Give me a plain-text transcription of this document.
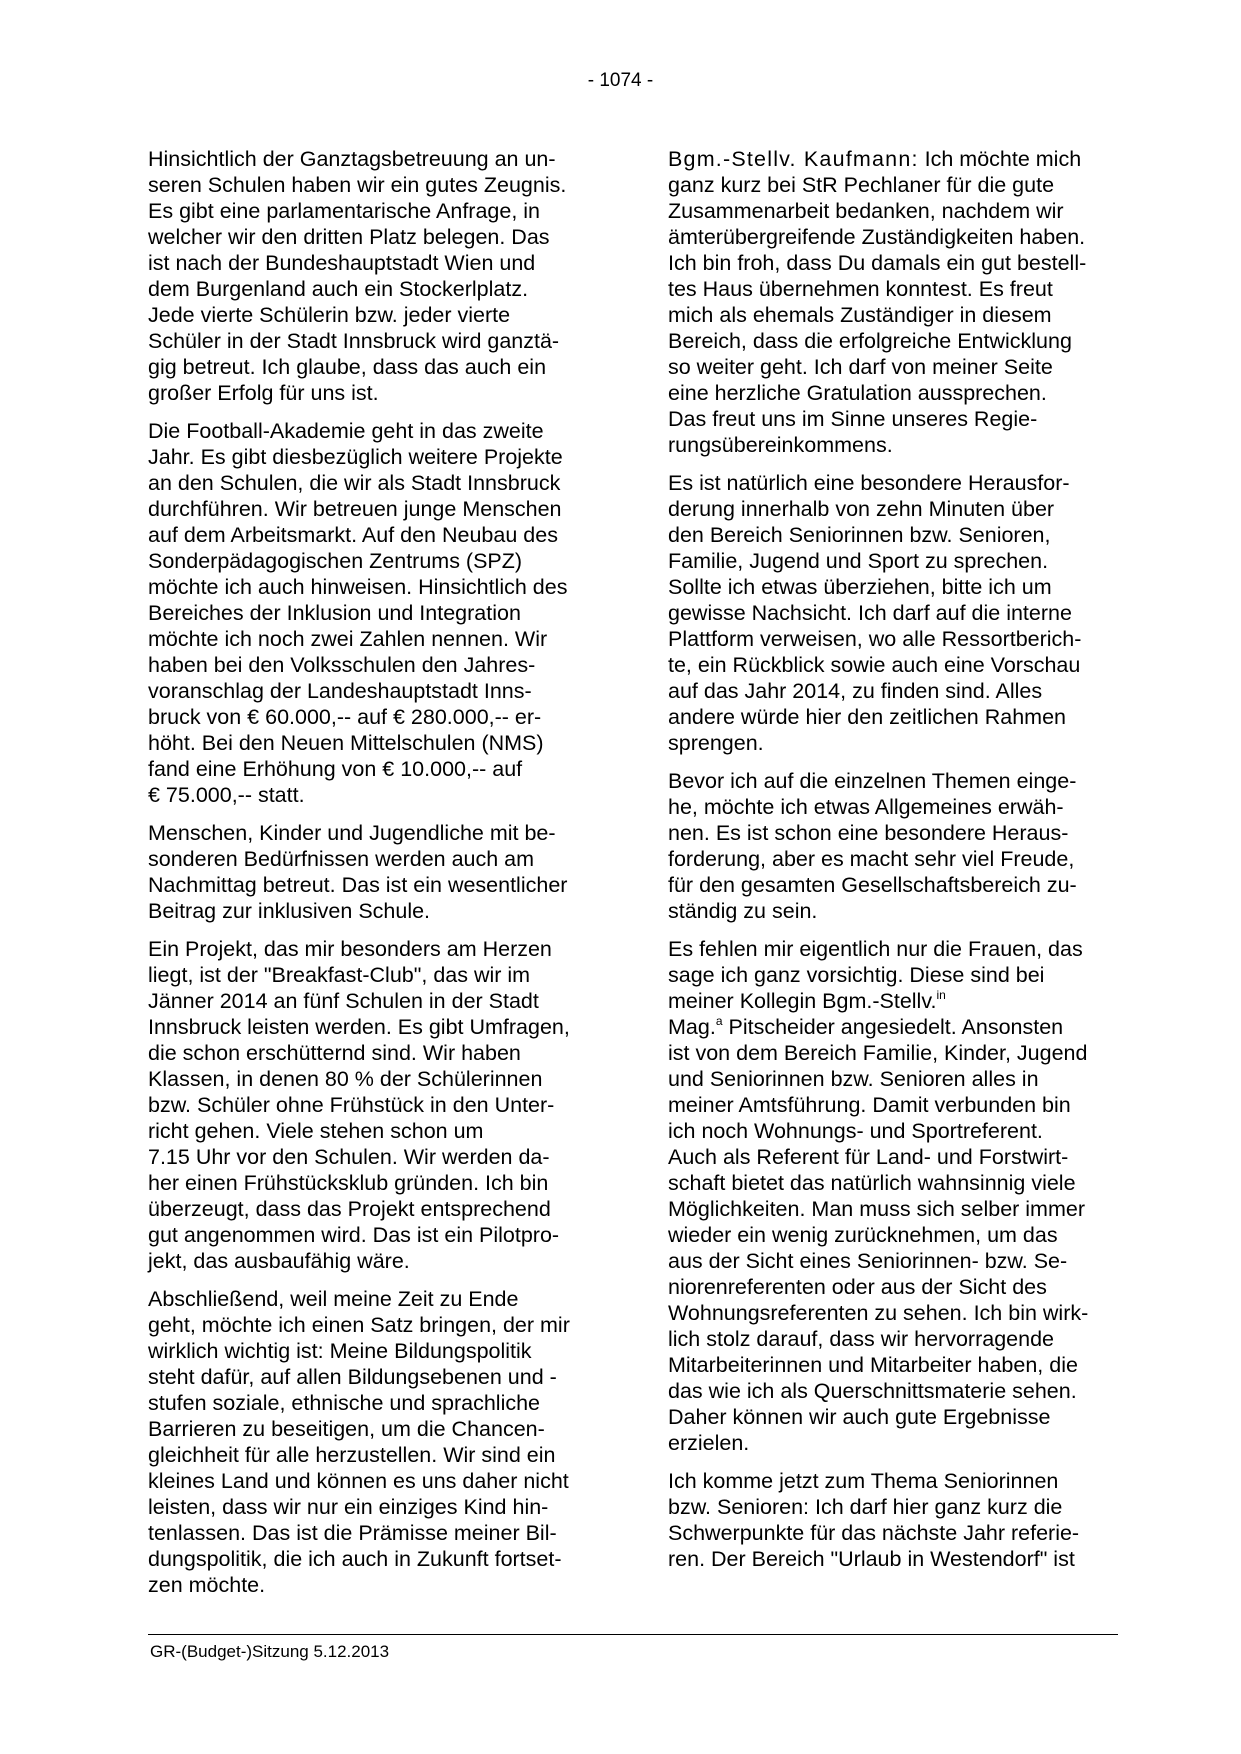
- 1074 -

Hinsichtlich der Ganztagsbetreuung an un-
seren Schulen haben wir ein gutes Zeugnis.
Es gibt eine parlamentarische Anfrage, in
welcher wir den dritten Platz belegen. Das
ist nach der Bundeshauptstadt Wien und
dem Burgenland auch ein Stockerlplatz.
Jede vierte Schülerin bzw. jeder vierte
Schüler in der Stadt Innsbruck wird ganztä-
gig betreut. Ich glaube, dass das auch ein
großer Erfolg für uns ist.

Die Football-Akademie geht in das zweite
Jahr. Es gibt diesbezüglich weitere Projekte
an den Schulen, die wir als Stadt Innsbruck
durchführen. Wir betreuen junge Menschen
auf dem Arbeitsmarkt. Auf den Neubau des
Sonderpädagogischen Zentrums (SPZ)
möchte ich auch hinweisen. Hinsichtlich des
Bereiches der Inklusion und Integration
möchte ich noch zwei Zahlen nennen. Wir
haben bei den Volksschulen den Jahres-
voranschlag der Landeshauptstadt Inns-
bruck von € 60.000,-- auf € 280.000,-- er-
höht. Bei den Neuen Mittelschulen (NMS)
fand eine Erhöhung von € 10.000,-- auf
€ 75.000,-- statt.

Menschen, Kinder und Jugendliche mit be-
sonderen Bedürfnissen werden auch am
Nachmittag betreut. Das ist ein wesentlicher
Beitrag zur inklusiven Schule.

Ein Projekt, das mir besonders am Herzen
liegt, ist der "Breakfast-Club", das wir im
Jänner 2014 an fünf Schulen in der Stadt
Innsbruck leisten werden. Es gibt Umfragen,
die schon erschütternd sind. Wir haben
Klassen, in denen 80 % der Schülerinnen
bzw. Schüler ohne Frühstück in den Unter-
richt gehen. Viele stehen schon um
7.15 Uhr vor den Schulen. Wir werden da-
her einen Frühstücksklub gründen. Ich bin
überzeugt, dass das Projekt entsprechend
gut angenommen wird. Das ist ein Pilotpro-
jekt, das ausbaufähig wäre.

Abschließend, weil meine Zeit zu Ende
geht, möchte ich einen Satz bringen, der mir
wirklich wichtig ist: Meine Bildungspolitik
steht dafür, auf allen Bildungsebenen und -
stufen soziale, ethnische und sprachliche
Barrieren zu beseitigen, um die Chancen-
gleichheit für alle herzustellen. Wir sind ein
kleines Land und können es uns daher nicht
leisten, dass wir nur ein einziges Kind hin-
tenlassen. Das ist die Prämisse meiner Bil-
dungspolitik, die ich auch in Zukunft fortset-
zen möchte.

Bgm.-Stellv. Kaufmann: Ich möchte mich
ganz kurz bei StR Pechlaner für die gute
Zusammenarbeit bedanken, nachdem wir
ämterübergreifende Zuständigkeiten haben.
Ich bin froh, dass Du damals ein gut bestell-
tes Haus übernehmen konntest. Es freut
mich als ehemals Zuständiger in diesem
Bereich, dass die erfolgreiche Entwicklung
so weiter geht. Ich darf von meiner Seite
eine herzliche Gratulation aussprechen.
Das freut uns im Sinne unseres Regie-
rungsübereinkommens.

Es ist natürlich eine besondere Herausfor-
derung innerhalb von zehn Minuten über
den Bereich Seniorinnen bzw. Senioren,
Familie, Jugend und Sport zu sprechen.
Sollte ich etwas überziehen, bitte ich um
gewisse Nachsicht. Ich darf auf die interne
Plattform verweisen, wo alle Ressortberich-
te, ein Rückblick sowie auch eine Vorschau
auf das Jahr 2014, zu finden sind. Alles
andere würde hier den zeitlichen Rahmen
sprengen.

Bevor ich auf die einzelnen Themen einge-
he, möchte ich etwas Allgemeines erwäh-
nen. Es ist schon eine besondere Heraus-
forderung, aber es macht sehr viel Freude,
für den gesamten Gesellschaftsbereich zu-
ständig zu sein.

Es fehlen mir eigentlich nur die Frauen, das
sage ich ganz vorsichtig. Diese sind bei
meiner Kollegin Bgm.-Stellv.$^{in}$
Mag.$^a$ Pitscheider angesiedelt. Ansonsten
ist von dem Bereich Familie, Kinder, Jugend
und Seniorinnen bzw. Senioren alles in
meiner Amtsführung. Damit verbunden bin
ich noch Wohnungs- und Sportreferent.
Auch als Referent für Land- und Forstwirt-
schaft bietet das natürlich wahnsinnig viele
Möglichkeiten. Man muss sich selber immer
wieder ein wenig zurücknehmen, um das
aus der Sicht eines Seniorinnen- bzw. Se-
niorenreferenten oder aus der Sicht des
Wohnungsreferenten zu sehen. Ich bin wirk-
lich stolz darauf, dass wir hervorragende
Mitarbeiterinnen und Mitarbeiter haben, die
das wie ich als Querschnittsmaterie sehen.
Daher können wir auch gute Ergebnisse
erzielen.

Ich komme jetzt zum Thema Seniorinnen
bzw. Senioren: Ich darf hier ganz kurz die
Schwerpunkte für das nächste Jahr referie-
ren. Der Bereich "Urlaub in Westendorf" ist

GR-(Budget-)Sitzung 5.12.2013
